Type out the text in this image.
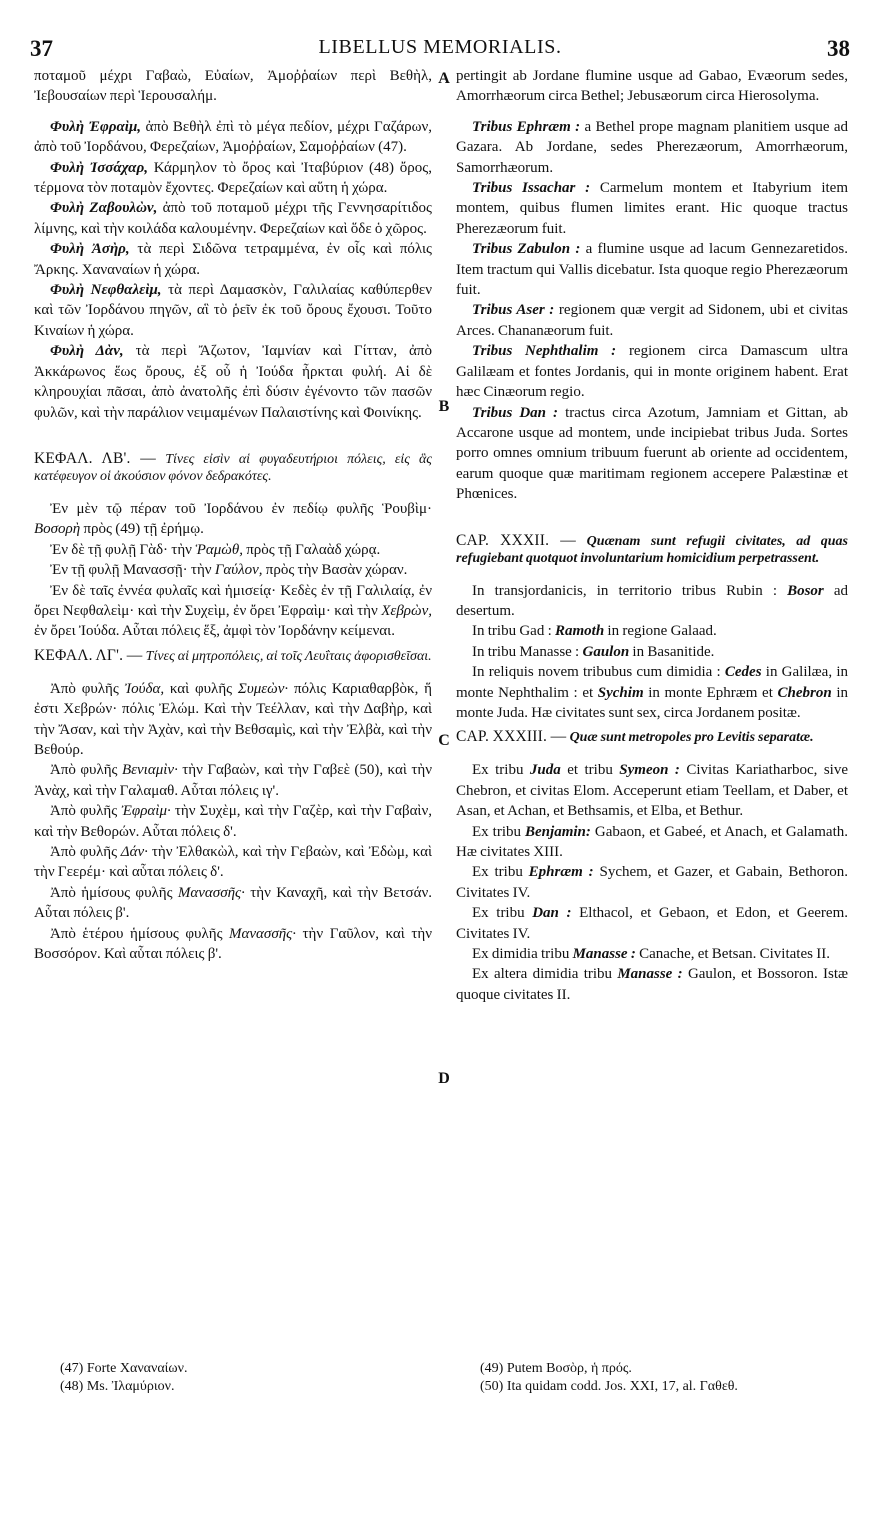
37	LIBELLUS MEMORIALIS.	38

ποταμοῦ μέχρι Γαβαὼ, Εὐαίων, Ἀμοῤῥαίων περὶ Βεθὴλ, Ἰεβουσαίων περὶ Ἱερουσαλήμ.

Φυλὴ Ἐφραὶμ, ἀπὸ Βεθὴλ ἐπὶ τὸ μέγα πεδίον, μέχρι Γαζάρων, ἀπὸ τοῦ Ἰορδάνου, Φερεζαίων, Ἀμοῤῥαίων, Σαμοῤῥαίων (47).

Φυλὴ Ἰσσάχαρ, Κάρμηλον τὸ ὄρος καὶ Ἰταβύριον (48) ὄρος, τέρμονα τὸν ποταμὸν ἔχοντες. Φερεζαίων καὶ αὕτη ἡ χώρα.

Φυλὴ Ζαβουλὼν, ἀπὸ τοῦ ποταμοῦ μέχρι τῆς Γεννησαρίτιδος λίμνης, καὶ τὴν κοιλάδα καλουμένην. Φερεζαίων καὶ ὅδε ὁ χῶρος.

Φυλὴ Ἀσὴρ, τὰ περὶ Σιδῶνα τετραμμένα, ἐν οἷς καὶ πόλις Ἄρκης. Χαναναίων ἡ χώρα.

Φυλὴ Νεφθαλεὶμ, τὰ περὶ Δαμασκὸν, Γαλιλαίας καθύπερθεν καὶ τῶν Ἰορδάνου πηγῶν, αἳ τὸ ῥεῖν ἐκ τοῦ ὄρους ἔχουσι. Τοῦτο Κιναίων ἡ χώρα.

Φυλὴ Δὰν, τὰ περὶ Ἄζωτον, Ἰαμνίαν καὶ Γίτταν, ἀπὸ Ἀκκάρωνος ἕως ὄρους, ἐξ οὗ ἡ Ἰούδα ἦρκται φυλή. Αἱ δὲ κληρουχίαι πᾶσαι, ἀπὸ ἀνατολῆς ἐπὶ δύσιν ἐγένοντο τῶν πασῶν φυλῶν, καὶ τὴν παράλιον νειμαμένων Παλαιστίνης καὶ Φοινίκης.

ΚΕΦΑΛ. ΛΒ'. — Τίνες εἰσὶν αἱ φυγαδευτήριοι πόλεις, εἰς ἃς κατέφευγον οἱ ἀκούσιον φόνον δεδρακότες.

Ἐν μὲν τῷ πέραν τοῦ Ἰορδάνου ἐν πεδίῳ φυλῆς Ῥουβὶμ· Βοσορὴ πρὸς (49) τῇ ἐρήμῳ.

Ἐν δὲ τῇ φυλῇ Γὰδ· τὴν Ῥαμὼθ, πρὸς τῇ Γαλαὰδ χώρᾳ.

Ἐν τῇ φυλῇ Μανασσῇ· τὴν Γαύλον, πρὸς τὴν Βασὰν χώραν.

Ἐν δὲ ταῖς ἐννέα φυλαῖς καὶ ἡμισείᾳ· Κεδὲς ἐν τῇ Γαλιλαίᾳ, ἐν ὄρει Νεφθαλεὶμ· καὶ τὴν Συχεὶμ, ἐν ὄρει Ἐφραὶμ· καὶ τὴν Χεβρὼν, ἐν ὄρει Ἰούδα. Αὗται πόλεις ἕξ, ἀμφὶ τὸν Ἰορδάνην κείμεναι.

ΚΕΦΑΛ. ΛΓ'. — Τίνες αἱ μητροπόλεις, αἱ τοῖς Λευΐταις ἀφορισθεῖσαι.

Ἀπὸ φυλῆς Ἰούδα, καὶ φυλῆς Συμεὼν· πόλις Καριαθαρβὸκ, ἥ ἐστι Χεβρών· πόλις Ἐλώμ. Καὶ τὴν Τεέλλαν, καὶ τὴν Δαβὴρ, καὶ τὴν Ἄσαν, καὶ τὴν Ἀχὰν, καὶ τὴν Βεθσαμὶς, καὶ τὴν Ἐλβὰ, καὶ τὴν Βεθούρ.

Ἀπὸ φυλῆς Βενιαμὶν· τὴν Γαβαὼν, καὶ τὴν Γαβεὲ (50), καὶ τὴν Ἀνὰχ, καὶ τὴν Γαλαμαθ. Αὗται πόλεις ιγ'.

Ἀπὸ φυλῆς Ἐφραὶμ· τὴν Συχὲμ, καὶ τὴν Γαζὲρ, καὶ τὴν Γαβαὶν, καὶ τὴν Βεθορών. Αὗται πόλεις δ'.

Ἀπὸ φυλῆς Δάν· τὴν Ἐλθακὼλ, καὶ τὴν Γεβαὼν, καὶ Ἐδὼμ, καὶ τὴν Γεερέμ· καὶ αὗται πόλεις δ'.

Ἀπὸ ἡμίσους φυλῆς Μανασσῆς· τὴν Καναχῆ, καὶ τὴν Βετσάν. Αὗται πόλεις β'.

Ἀπὸ ἑτέρου ἡμίσους φυλῆς Μανασσῆς· τὴν Γαῦλον, καὶ τὴν Βοσσόρον. Καὶ αὗται πόλεις β'.

pertingit ab Jordane flumine usque ad Gabao, Evæorum sedes, Amorrhæorum circa Bethel; Jebusæorum circa Hierosolyma.

Tribus Ephræm : a Bethel prope magnam planitiem usque ad Gazara. Ab Jordane, sedes Pherezæorum, Amorrhæorum, Samorrhæorum.

Tribus Issachar : Carmelum montem et Itabyrium item montem, quibus flumen limites erant. Hic quoque tractus Pherezæorum fuit.

Tribus Zabulon : a flumine usque ad lacum Gennezaretidos. Item tractum qui Vallis dicebatur. Ista quoque regio Pherezæorum fuit.

Tribus Aser : regionem quæ vergit ad Sidonem, ubi et civitas Arces. Chananæorum fuit.

Tribus Nephthalim : regionem circa Damascum ultra Galilæam et fontes Jordanis, qui in monte originem habent. Erat hæc Cinæorum regio.

Tribus Dan : tractus circa Azotum, Jamniam et Gittan, ab Accarone usque ad montem, unde incipiebat tribus Juda. Sortes porro omnes omnium tribuum fuerunt ab oriente ad occidentem, earum quoque quæ maritimam regionem accepere Palæstinæ et Phœnices.

CAP. XXXII. — Quænam sunt refugii civitates, ad quas refugiebant quotquot involuntarium homicidium perpetrassent.

In transjordanicis, in territorio tribus Rubin : Bosor ad desertum.

In tribu Gad : Ramoth in regione Galaad.

In tribu Manasse : Gaulon in Basanitide.

In reliquis novem tribubus cum dimidia : Cedes in Galilæa, in monte Nephthalim : et Sychim in monte Ephræm et Chebron in monte Juda. Hæ civitates sunt sex, circa Jordanem positæ.

CAP. XXXIII. — Quæ sunt metropoles pro Levitis separatæ.

Ex tribu Juda et tribu Symeon : Civitas Kariatharboc, sive Chebron, et civitas Elom. Acceperunt etiam Teellam, et Daber, et Asan, et Achan, et Bethsamis, et Elba, et Bethur.

Ex tribu Benjamin: Gabaon, et Gabeé, et Anach, et Galamath. Hæ civitates XIII.

Ex tribu Ephræm : Sychem, et Gazer, et Gabain, Bethoron. Civitates IV.

Ex tribu Dan : Elthacol, et Gebaon, et Edon, et Geerem. Civitates IV.

Ex dimidia tribu Manasse : Canache, et Betsan. Civitates II.

Ex altera dimidia tribu Manasse : Gaulon, et Bossoron. Istæ quoque civitates II.

A
B
C
D
(47) Forte Χαναναίων.
(48) Ms. Ἰλαμύριον.
(49) Putem Βοσὸρ, ἡ πρός.
(50) Ita quidam codd. Jos. XXI, 17, al. Γαθεθ.
